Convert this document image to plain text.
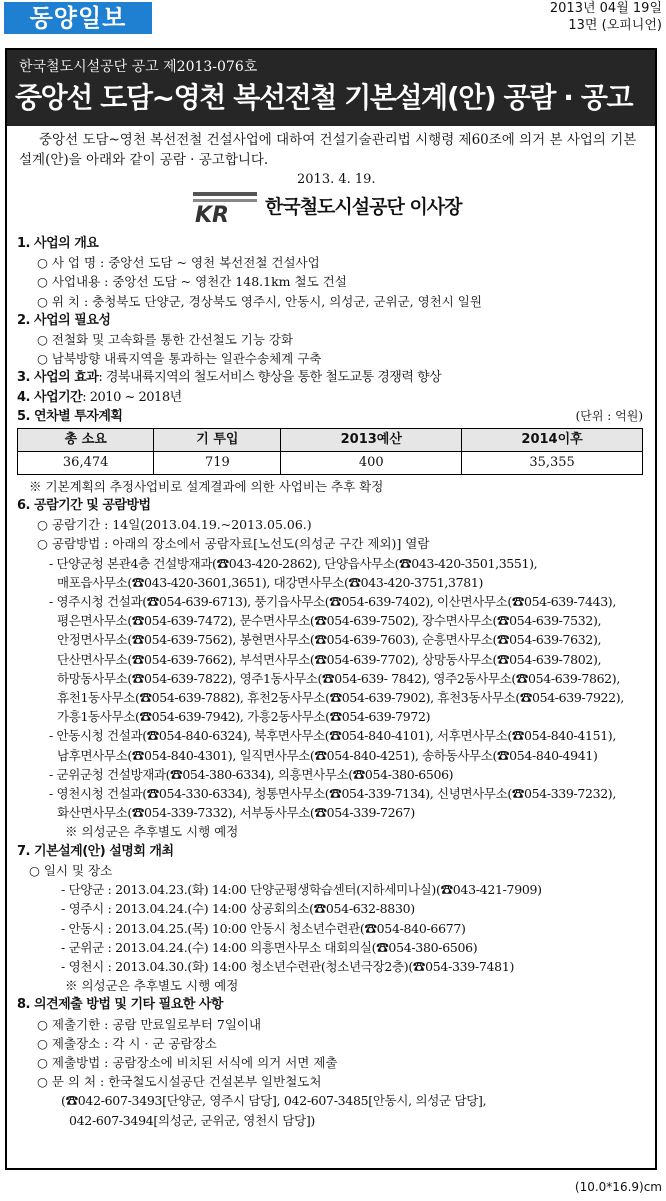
동양일보	2013년 04월 19일
13면 (오피니언)
한국철도시설공단 공고 제2013-076호
중앙선 도담~영천 복선전철 기본설계(안) 공람 · 공고
중앙선 도담~영천 복선전철 건설사업에 대하여 건설기술관리법 시행령 제60조에 의거 본 사업의 기본설계(안)을 아래와 같이 공람 · 공고합니다.
2013. 4. 19.
KR 한국철도시설공단 이사장
1. 사업의 개요
○ 사 업 명 : 중앙선 도담 ~ 영천 복선전철 건설사업
○ 사업내용 : 중앙선 도담 ~ 영천간 148.1km 철도 건설
○ 위 치 : 충청북도 단양군, 경상북도 영주시, 안동시, 의성군, 군위군, 영천시 일원
2. 사업의 필요성
○ 전철화 및 고속화를 통한 간선철도 기능 강화
○ 남북방향 내륙지역을 통과하는 일관수송체계 구축
3. 사업의 효과: 경북내륙지역의 철도서비스 향상을 통한 철도교통 경쟁력 향상
4. 사업기간: 2010 ~ 2018년
5. 연차별 투자계획	(단위 : 억원)
총 소요	기 투입	2013예산	2014이후
36,474	719	400	35,355
※ 기본계획의 추정사업비로 설계결과에 의한 사업비는 추후 확정
6. 공람기간 및 공람방법
○ 공람기간 : 14일(2013.04.19.~2013.05.06.)
○ 공람방법 : 아래의 장소에서 공람자료[노선도(의성군 구간 제외)] 열람
- 단양군청 본관4층 건설방재과(☎043-420-2862), 단양읍사무소(☎043-420-3501,3551),
매포읍사무소(☎043-420-3601,3651), 대강면사무소(☎043-420-3751,3781)
- 영주시청 건설과(☎054-639-6713), 풍기읍사무소(☎054-639-7402), 이산면사무소(☎054-639-7443),
평은면사무소(☎054-639-7472), 문수면사무소(☎054-639-7502), 장수면사무소(☎054-639-7532),
안정면사무소(☎054-639-7562), 봉현면사무소(☎054-639-7603), 순흥면사무소(☎054-639-7632),
단산면사무소(☎054-639-7662), 부석면사무소(☎054-639-7702), 상망동사무소(☎054-639-7802),
하망동사무소(☎054-639-7822), 영주1동사무소(☎054-639- 7842), 영주2동사무소(☎054-639-7862),
휴천1동사무소(☎054-639-7882), 휴천2동사무소(☎054-639-7902), 휴천3동사무소(☎054-639-7922),
가흥1동사무소(☎054-639-7942), 가흥2동사무소(☎054-639-7972)
- 안동시청 건설과(☎054-840-6324), 북후면사무소(☎054-840-4101), 서후면사무소(☎054-840-4151),
남후면사무소(☎054-840-4301), 일직면사무소(☎054-840-4251), 송하동사무소(☎054-840-4941)
- 군위군청 건설방재과(☎054-380-6334), 의흥면사무소(☎054-380-6506)
- 영천시청 건설과(☎054-330-6334), 청통면사무소(☎054-339-7134), 신녕면사무소(☎054-339-7232),
화산면사무소(☎054-339-7332), 서부동사무소(☎054-339-7267)
※ 의성군은 추후별도 시행 예정
7. 기본설계(안) 설명회 개최
○ 일시 및 장소
- 단양군 : 2013.04.23.(화) 14:00 단양군평생학습센터(지하세미나실)(☎043-421-7909)
- 영주시 : 2013.04.24.(수) 14:00 상공회의소(☎054-632-8830)
- 안동시 : 2013.04.25.(목) 10:00 안동시 청소년수련관(☎054-840-6677)
- 군위군 : 2013.04.24.(수) 14:00 의흥면사무소 대회의실(☎054-380-6506)
- 영천시 : 2013.04.30.(화) 14:00 청소년수련관(청소년극장2층)(☎054-339-7481)
※ 의성군은 추후별도 시행 예정
8. 의견제출 방법 및 기타 필요한 사항
○ 제출기한 : 공람 만료일로부터 7일이내
○ 제출장소 : 각 시 · 군 공람장소
○ 제출방법 : 공람장소에 비치된 서식에 의거 서면 제출
○ 문 의 처 : 한국철도시설공단 건설본부 일반철도처
(☎042-607-3493[단양군, 영주시 담당], 042-607-3485[안동시, 의성군 담당],
042-607-3494[의성군, 군위군, 영천시 담당])
(10.0*16.9)cm
